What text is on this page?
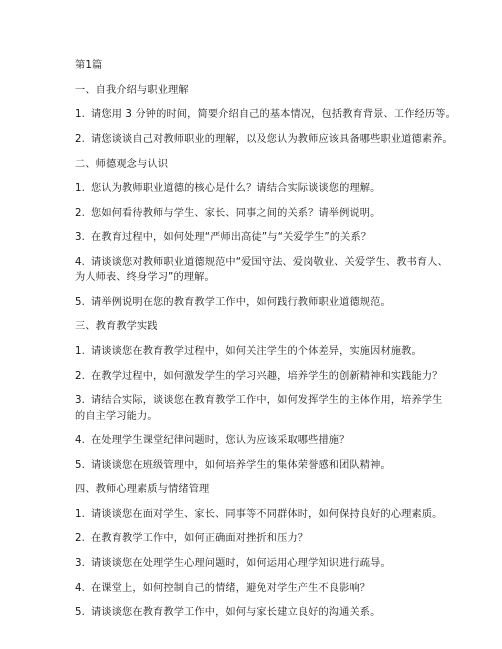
第1篇
一、自我介绍与职业理解
1. 请您用 3 分钟的时间，简要介绍自己的基本情况，包括教育背景、工作经历等。
2. 请您谈谈自己对教师职业的理解，以及您认为教师应该具备哪些职业道德素养。
二、师德观念与认识
1. 您认为教师职业道德的核心是什么？请结合实际谈谈您的理解。
2. 您如何看待教师与学生、家长、同事之间的关系？请举例说明。
3. 在教育过程中，如何处理“严师出高徒”与“关爱学生”的关系？
4. 请谈谈您对教师职业道德规范中“爱国守法、爱岗敬业、关爱学生、教书育人、
为人师表、终身学习”的理解。
5. 请举例说明在您的教育教学工作中，如何践行教师职业道德规范。
三、教育教学实践
1. 请谈谈您在教育教学过程中，如何关注学生的个体差异，实施因材施教。
2. 在教学过程中，如何激发学生的学习兴趣，培养学生的创新精神和实践能力？
3. 请结合实际，谈谈您在教育教学工作中，如何发挥学生的主体作用，培养学生
的自主学习能力。
4. 在处理学生课堂纪律问题时，您认为应该采取哪些措施？
5. 请谈谈您在班级管理中，如何培养学生的集体荣誉感和团队精神。
四、教师心理素质与情绪管理
1. 请谈谈您在面对学生、家长、同事等不同群体时，如何保持良好的心理素质。
2. 在教育教学工作中，如何正确面对挫折和压力？
3. 请谈谈您在处理学生心理问题时，如何运用心理学知识进行疏导。
4. 在课堂上，如何控制自己的情绪，避免对学生产生不良影响？
5. 请谈谈您在教育教学工作中，如何与家长建立良好的沟通关系。
